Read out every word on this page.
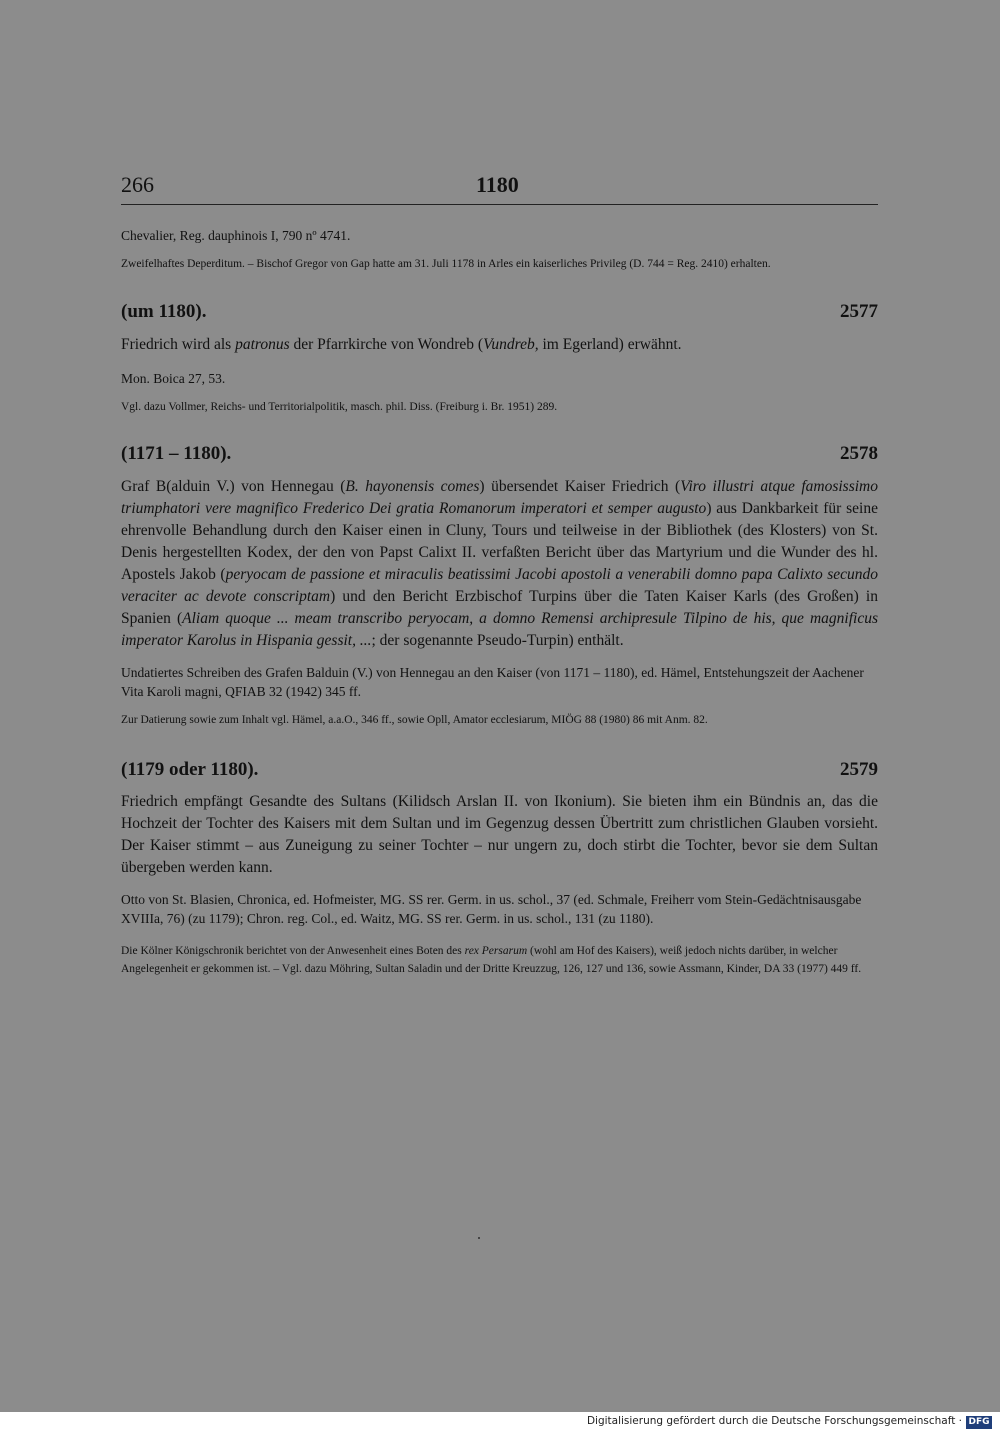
266	1180
Chevalier, Reg. dauphinois I, 790 nº 4741.
Zweifelhaftes Deperditum. – Bischof Gregor von Gap hatte am 31. Juli 1178 in Arles ein kaiserliches Privileg (D. 744 = Reg. 2410) erhalten.
(um 1180).	2577
Friedrich wird als patronus der Pfarrkirche von Wondreb (Vundreb, im Egerland) erwähnt.
Mon. Boica 27, 53.
Vgl. dazu Vollmer, Reichs- und Territorialpolitik, masch. phil. Diss. (Freiburg i. Br. 1951) 289.
(1171 – 1180).	2578
Graf B(alduin V.) von Hennegau (B. hayonensis comes) übersendet Kaiser Friedrich (Viro illustri atque famosissimo triumphatori vere magnifico Frederico Dei gratia Romanorum imperatori et semper augusto) aus Dankbarkeit für seine ehrenvolle Behandlung durch den Kaiser einen in Cluny, Tours und teilweise in der Bibliothek (des Klosters) von St. Denis hergestellten Kodex, der den von Papst Calixt II. verfaßten Bericht über das Martyrium und die Wunder des hl. Apostels Jakob (peryocam de passione et miraculis beatissimi Jacobi apostoli a venerabili domno papa Calixto secundo veraciter ac devote conscriptam) und den Bericht Erzbischof Turpins über die Taten Kaiser Karls (des Großen) in Spanien (Aliam quoque ... meam transcribo peryocam, a domno Remensi archipresule Tilpino de his, que magnificus imperator Karolus in Hispania gessit, ...; der sogenannte Pseudo-Turpin) enthält.
Undatiertes Schreiben des Grafen Balduin (V.) von Hennegau an den Kaiser (von 1171 – 1180), ed. Hämel, Entstehungszeit der Aachener Vita Karoli magni, QFIAB 32 (1942) 345 ff.
Zur Datierung sowie zum Inhalt vgl. Hämel, a.a.O., 346 ff., sowie Opll, Amator ecclesiarum, MIÖG 88 (1980) 86 mit Anm. 82.
(1179 oder 1180).	2579
Friedrich empfängt Gesandte des Sultans (Kilidsch Arslan II. von Ikonium). Sie bieten ihm ein Bündnis an, das die Hochzeit der Tochter des Kaisers mit dem Sultan und im Gegenzug dessen Übertritt zum christlichen Glauben vorsieht. Der Kaiser stimmt – aus Zuneigung zu seiner Tochter – nur ungern zu, doch stirbt die Tochter, bevor sie dem Sultan übergeben werden kann.
Otto von St. Blasien, Chronica, ed. Hofmeister, MG. SS rer. Germ. in us. schol., 37 (ed. Schmale, Freiherr vom Stein-Gedächtnisausgabe XVIIIa, 76) (zu 1179); Chron. reg. Col., ed. Waitz, MG. SS rer. Germ. in us. schol., 131 (zu 1180).
Die Kölner Königschronik berichtet von der Anwesenheit eines Boten des rex Persarum (wohl am Hof des Kaisers), weiß jedoch nichts darüber, in welcher Angelegenheit er gekommen ist. – Vgl. dazu Möhring, Sultan Saladin und der Dritte Kreuzzug, 126, 127 und 136, sowie Assmann, Kinder, DA 33 (1977) 449 ff.
Digitalisierung gefördert durch die Deutsche Forschungsgemeinschaft · DFG
